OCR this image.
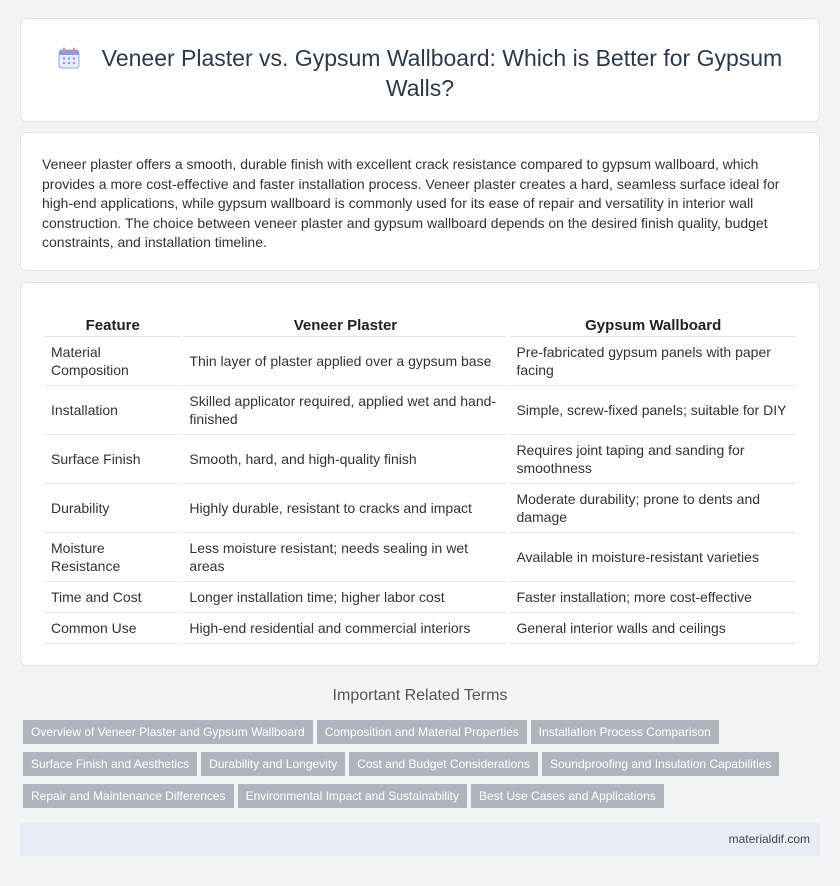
Veneer Plaster vs. Gypsum Wallboard: Which is Better for Gypsum Walls?

Veneer plaster offers a smooth, durable finish with excellent crack resistance compared to gypsum wallboard, which provides a more cost-effective and faster installation process. Veneer plaster creates a hard, seamless surface ideal for high-end applications, while gypsum wallboard is commonly used for its ease of repair and versatility in interior wall construction. The choice between veneer plaster and gypsum wallboard depends on the desired finish quality, budget constraints, and installation timeline.

Feature	Veneer Plaster	Gypsum Wallboard
Material Composition	Thin layer of plaster applied over a gypsum base	Pre-fabricated gypsum panels with paper facing
Installation	Skilled applicator required, applied wet and hand-finished	Simple, screw-fixed panels; suitable for DIY
Surface Finish	Smooth, hard, and high-quality finish	Requires joint taping and sanding for smoothness
Durability	Highly durable, resistant to cracks and impact	Moderate durability; prone to dents and damage
Moisture Resistance	Less moisture resistant; needs sealing in wet areas	Available in moisture-resistant varieties
Time and Cost	Longer installation time; higher labor cost	Faster installation; more cost-effective
Common Use	High-end residential and commercial interiors	General interior walls and ceilings
Important Related Terms
Overview of Veneer Plaster and Gypsum Wallboard Composition and Material Properties Installation Process Comparison
Surface Finish and Aesthetics Durability and Longevity Cost and Budget Considerations Soundproofing and Insulation Capabilities
Repair and Maintenance Differences Environmental Impact and Sustainability Best Use Cases and Applications
materialdif.com
